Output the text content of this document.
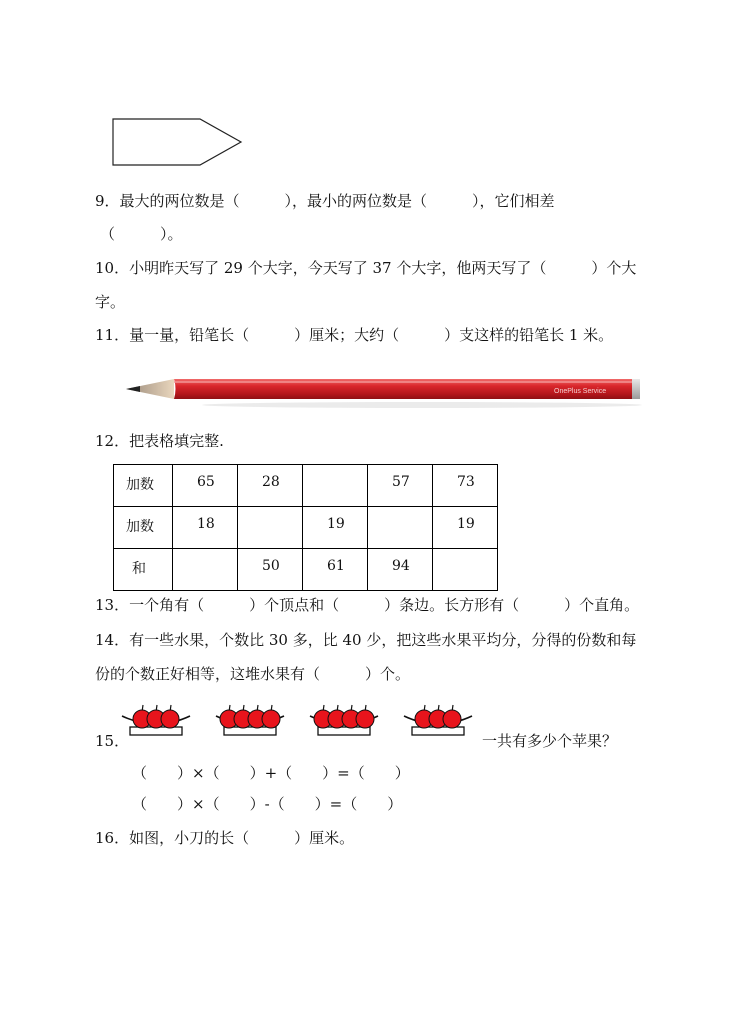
9．最大的两位数是（　　　），最小的两位数是（　　　），它们相差
（　　　）。
10．小明昨天写了 29 个大字，今天写了 37 个大字，他两天写了（　　　）个大
字。
11．量一量，铅笔长（　　　）厘米；大约（　　　）支这样的铅笔长 1 米。
OnePlus Service
12．把表格填完整.
加数	65	28		57	73

加数	18		19		19

和		50	61	94	

13．一个角有（　　　）个顶点和（　　　）条边。长方形有（　　　）个直角。
14．有一些水果，个数比 30 多，比 40 少，把这些水果平均分，分得的份数和每
份的个数正好相等，这堆水果有（　　　）个。
15．	一共有多少个苹果？
（　　）×（　　）+（　　）=（　　）
（　　）×（　　）-（　　）=（　　）
16．如图，小刀的长（　　　）厘米。
